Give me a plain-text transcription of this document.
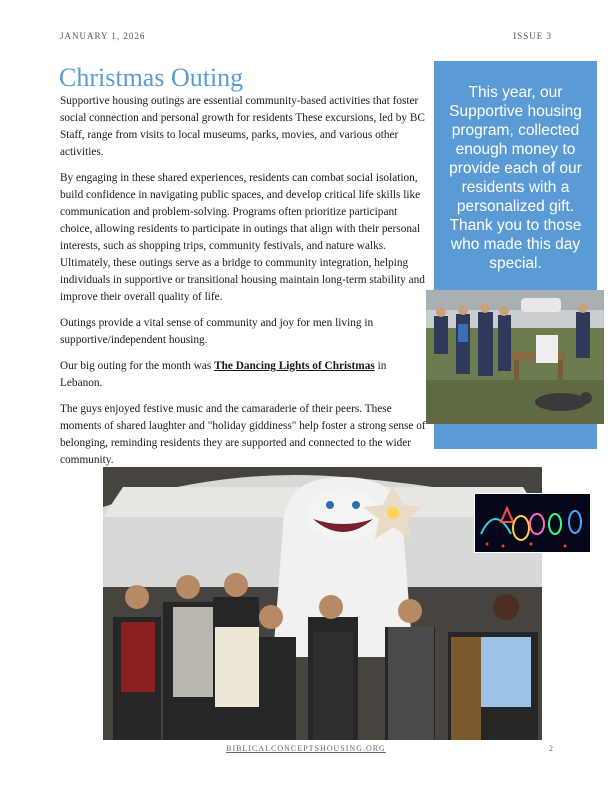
JANUARY 1, 2026	ISSUE 3
Christmas Outing

Supportive housing outings are essential community-based activities that foster social connection and personal growth for residents These excursions, led by BC Staff, range from visits to local museums, parks, movies, and various other activities.

By engaging in these shared experiences, residents can combat social isolation, build confidence in navigating public spaces, and develop critical life skills like communication and problem-solving. Programs often prioritize participant choice, allowing residents to participate in outings that align with their personal interests, such as shopping trips, community festivals, and nature walks. Ultimately, these outings serve as a bridge to community integration, helping individuals in supportive or transitional housing maintain long-term stability and improve their overall quality of life.

Outings provide a vital sense of community and joy for men living in supportive/independent housing.

Our big outing for the month was The Dancing Lights of Christmas in Lebanon.

The guys enjoyed festive music and the camaraderie of their peers. These moments of shared laughter and "holiday giddiness" help foster a strong sense of belonging, reminding residents they are supported and connected to the wider community.

This year, our Supportive housing program, collected enough money to provide each of our residents with a personalized gift. Thank you to those who made this day special.
BIBLICALCONCEPTSHOUSING.ORG	2
